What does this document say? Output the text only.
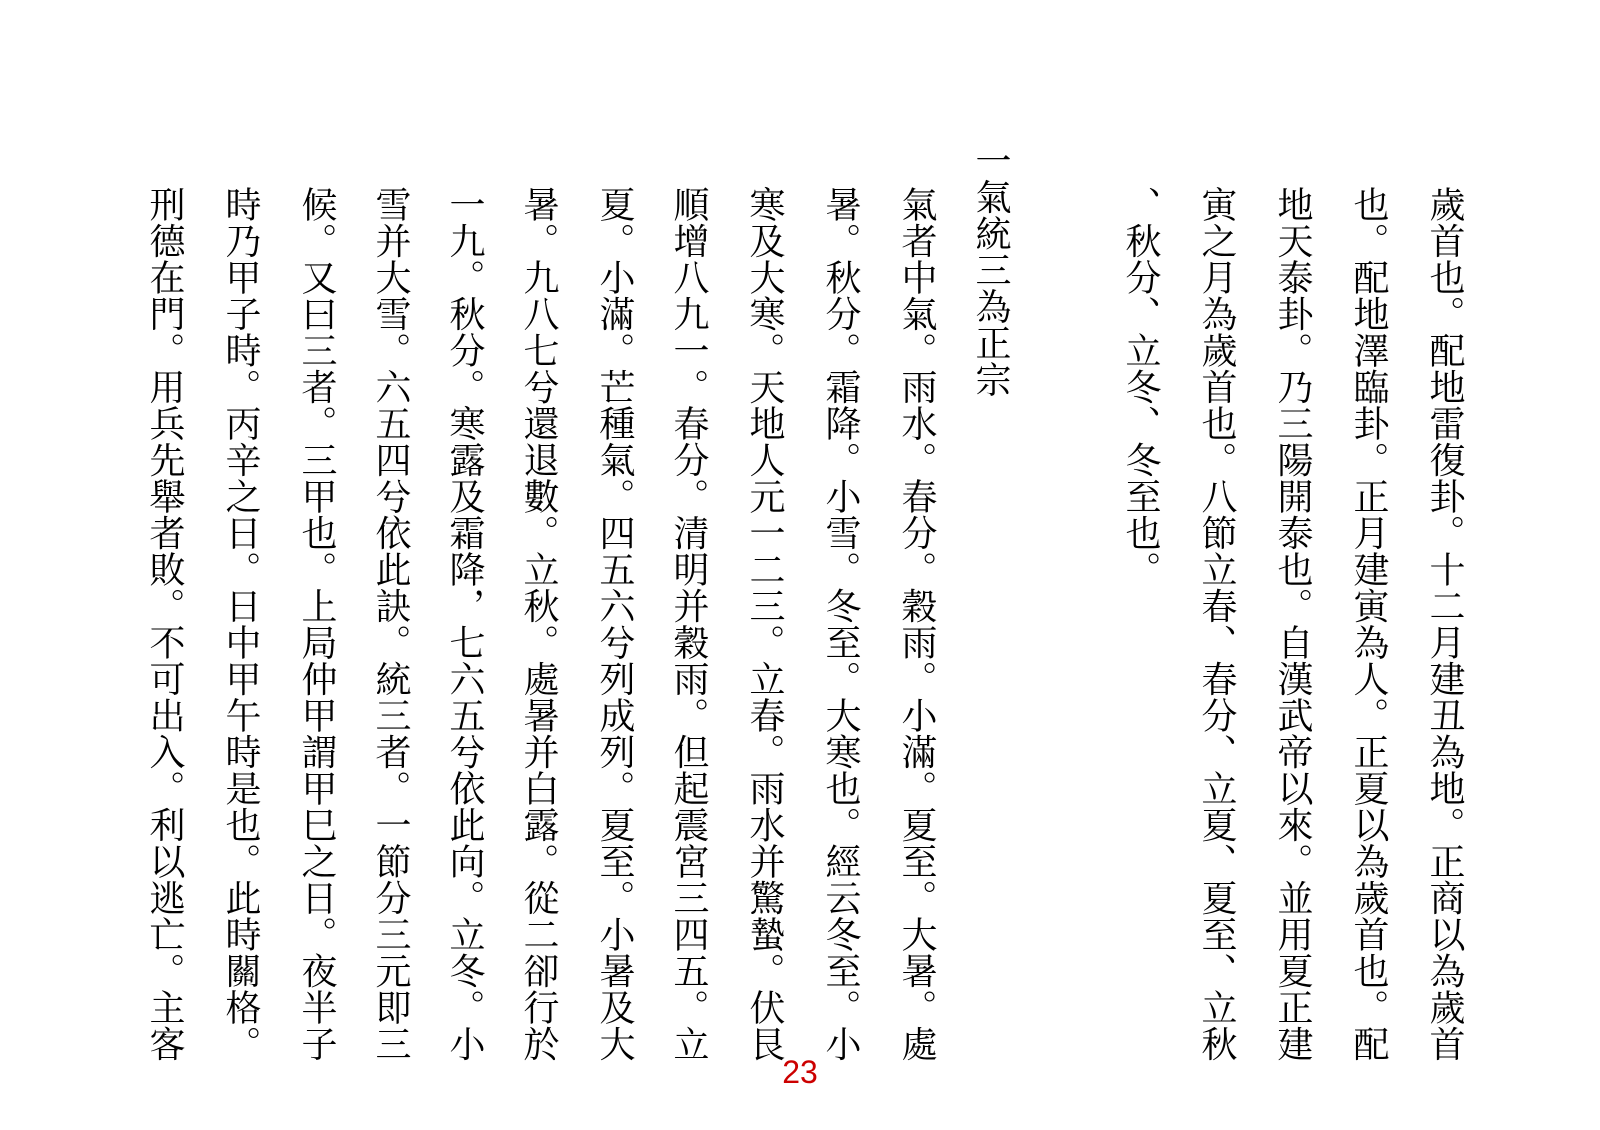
歲首也。配地雷復卦。十二月建丑為地。正商以為歲首
也。配地澤臨卦。正月建寅為人。正夏以為歲首也。配
地天泰卦。乃三陽開泰也。自漢武帝以來。並用夏正建
寅之月為歲首也。八節立春、春分、立夏、夏至、立秋
、秋分、立冬、冬至也。
一氣統三為正宗
氣者中氣。雨水。春分。穀雨。小滿。夏至。大暑。處
暑。秋分。霜降。小雪。冬至。大寒也。經云冬至。小
寒及大寒。天地人元一二三。立春。雨水并驚蟄。伏艮
順增八九一。春分。清明并穀雨。但起震宮三四五。立
夏。小滿。芒種氣。四五六兮列成列。夏至。小暑及大
暑。九八七兮還退數。立秋。處暑并白露。從二卻行於
一九。秋分。寒露及霜降，七六五兮依此向。立冬。小
雪并大雪。六五四兮依此訣。統三者。一節分三元即三
候。又曰三者。三甲也。上局仲甲謂甲巳之日。夜半子
時乃甲子時。丙辛之日。日中甲午時是也。此時關格。
刑德在門。用兵先舉者敗。不可出入。利以逃亡。主客
23
